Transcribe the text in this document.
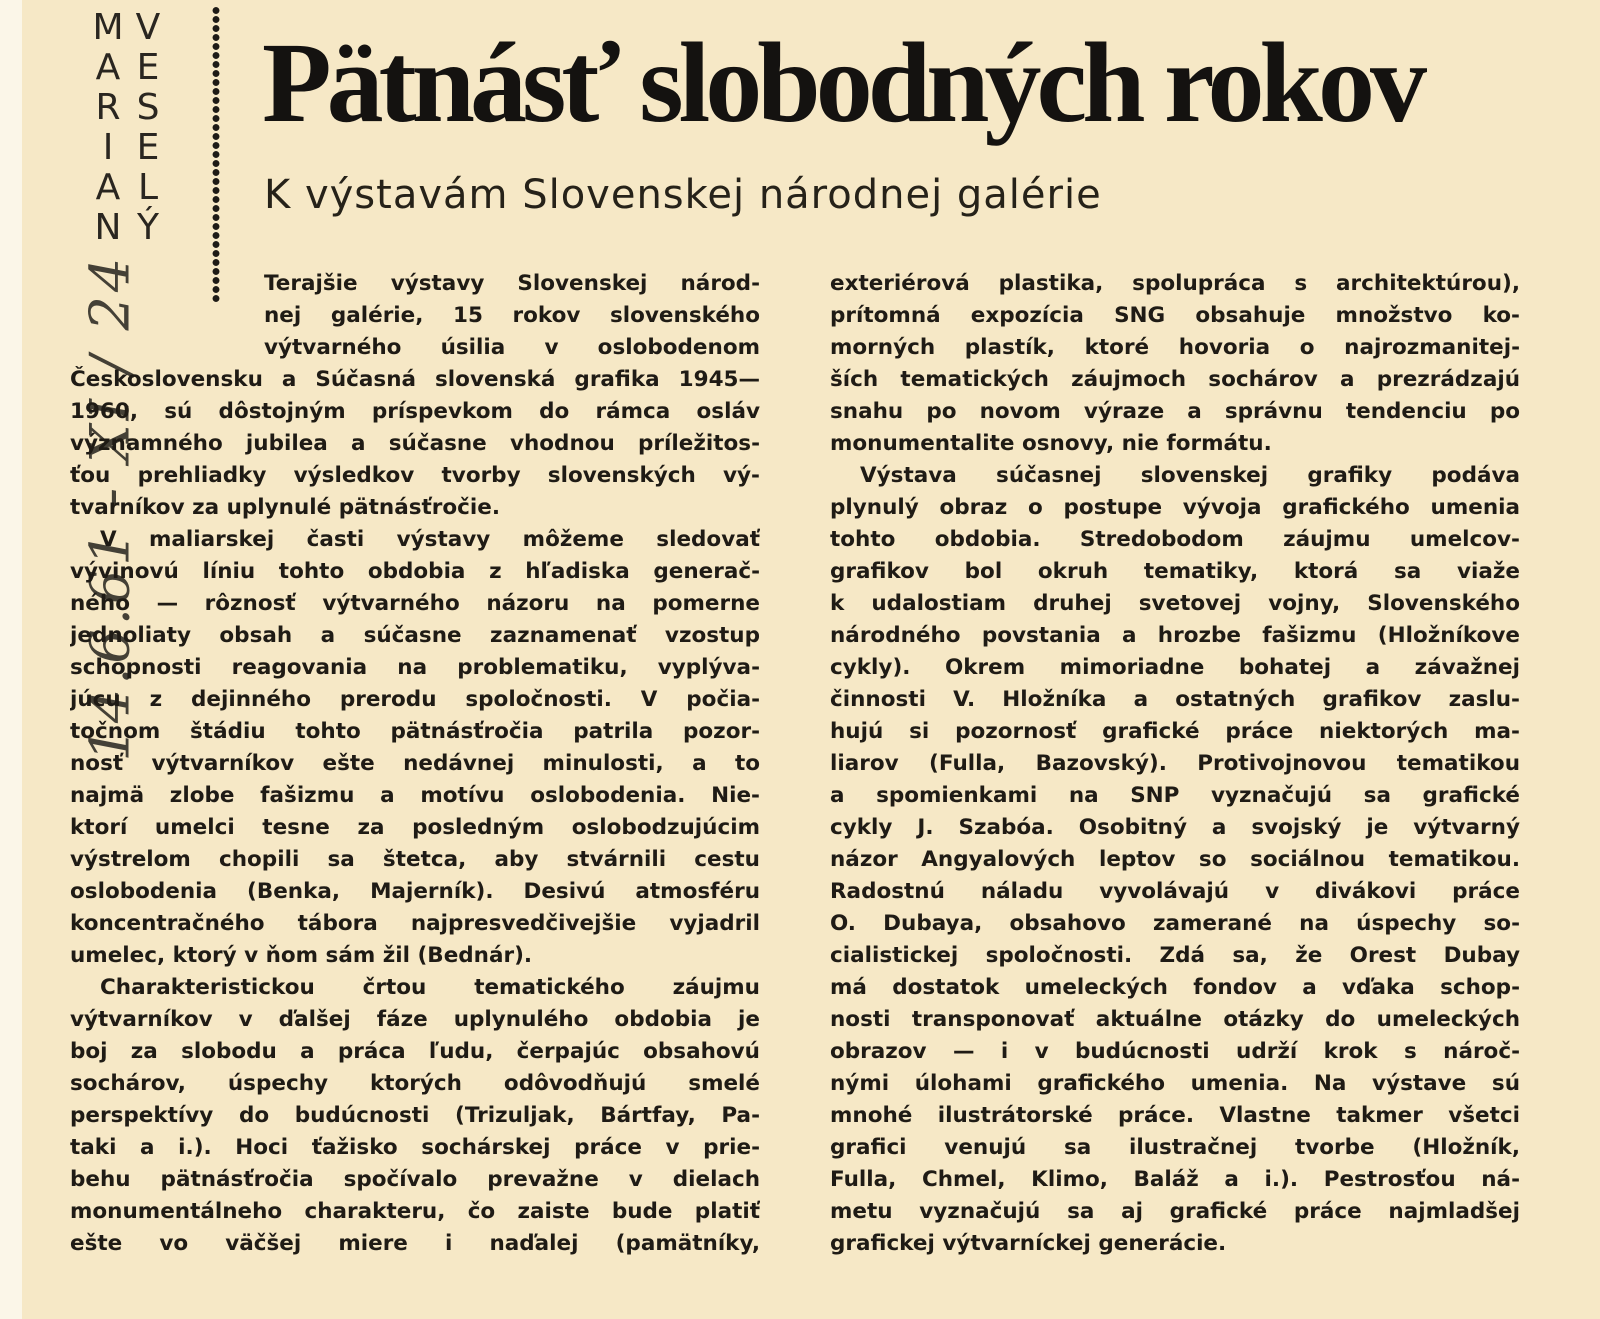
14.6.61 - XI / 24
M
A
R
I
A
N
V
E
S
E
L
Ý
Pätnásť slobodných rokov
K výstavám Slovenskej národnej galérie
Terajšie výstavy Slovenskej národ-
nej galérie, 15 rokov slovenského
výtvarného úsilia v oslobodenom
Československu a Súčasná slovenská grafika 1945—
1960, sú dôstojným príspevkom do rámca osláv
významného jubilea a súčasne vhodnou príležitos-
ťou prehliadky výsledkov tvorby slovenských vý-
tvarníkov za uplynulé pätnásťročie.
V maliarskej časti výstavy môžeme sledovať
vývinovú líniu tohto obdobia z hľadiska generač-
ného — rôznosť výtvarného názoru na pomerne
jednoliaty obsah a súčasne zaznamenať vzostup
schopnosti reagovania na problematiku, vyplýva-
júcu z dejinného prerodu spoločnosti. V počia-
točnom štádiu tohto pätnásťročia patrila pozor-
nosť výtvarníkov ešte nedávnej minulosti, a to
najmä zlobe fašizmu a motívu oslobodenia. Nie-
ktorí umelci tesne za posledným oslobodzujúcim
výstrelom chopili sa štetca, aby stvárnili cestu
oslobodenia (Benka, Majerník). Desivú atmosféru
koncentračného tábora najpresvedčivejšie vyjadril
umelec, ktorý v ňom sám žil (Bednár).
Charakteristickou črtou tematického záujmu
výtvarníkov v ďalšej fáze uplynulého obdobia je
boj za slobodu a práca ľudu, čerpajúc obsahovú
sochárov, úspechy ktorých odôvodňujú smelé
perspektívy do budúcnosti (Trizuljak, Bártfay, Pa-
taki a i.). Hoci ťažisko sochárskej práce v prie-
behu pätnásťročia spočívalo prevažne v dielach
monumentálneho charakteru, čo zaiste bude platiť
ešte vo väčšej miere i naďalej (pamätníky,
exteriérová plastika, spolupráca s architektúrou),
prítomná expozícia SNG obsahuje množstvo ko-
morných plastík, ktoré hovoria o najrozmanitej-
ších tematických záujmoch sochárov a prezrádzajú
snahu po novom výraze a správnu tendenciu po
monumentalite osnovy, nie formátu.
Výstava súčasnej slovenskej grafiky podáva
plynulý obraz o postupe vývoja grafického umenia
tohto obdobia. Stredobodom záujmu umelcov-
grafikov bol okruh tematiky, ktorá sa viaže
k udalostiam druhej svetovej vojny, Slovenského
národného povstania a hrozbe fašizmu (Hložníkove
cykly). Okrem mimoriadne bohatej a závažnej
činnosti V. Hložníka a ostatných grafikov zaslu-
hujú si pozornosť grafické práce niektorých ma-
liarov (Fulla, Bazovský). Protivojnovou tematikou
a spomienkami na SNP vyznačujú sa grafické
cykly J. Szabóa. Osobitný a svojský je výtvarný
názor Angyalových leptov so sociálnou tematikou.
Radostnú náladu vyvolávajú v divákovi práce
O. Dubaya, obsahovo zamerané na úspechy so-
cialistickej spoločnosti. Zdá sa, že Orest Dubay
má dostatok umeleckých fondov a vďaka schop-
nosti transponovať aktuálne otázky do umeleckých
obrazov — i v budúcnosti udrží krok s nároč-
nými úlohami grafického umenia. Na výstave sú
mnohé ilustrátorské práce. Vlastne takmer všetci
grafici venujú sa ilustračnej tvorbe (Hložník,
Fulla, Chmel, Klimo, Baláž a i.). Pestrosťou ná-
metu vyznačujú sa aj grafické práce najmladšej
grafickej výtvarníckej generácie.
